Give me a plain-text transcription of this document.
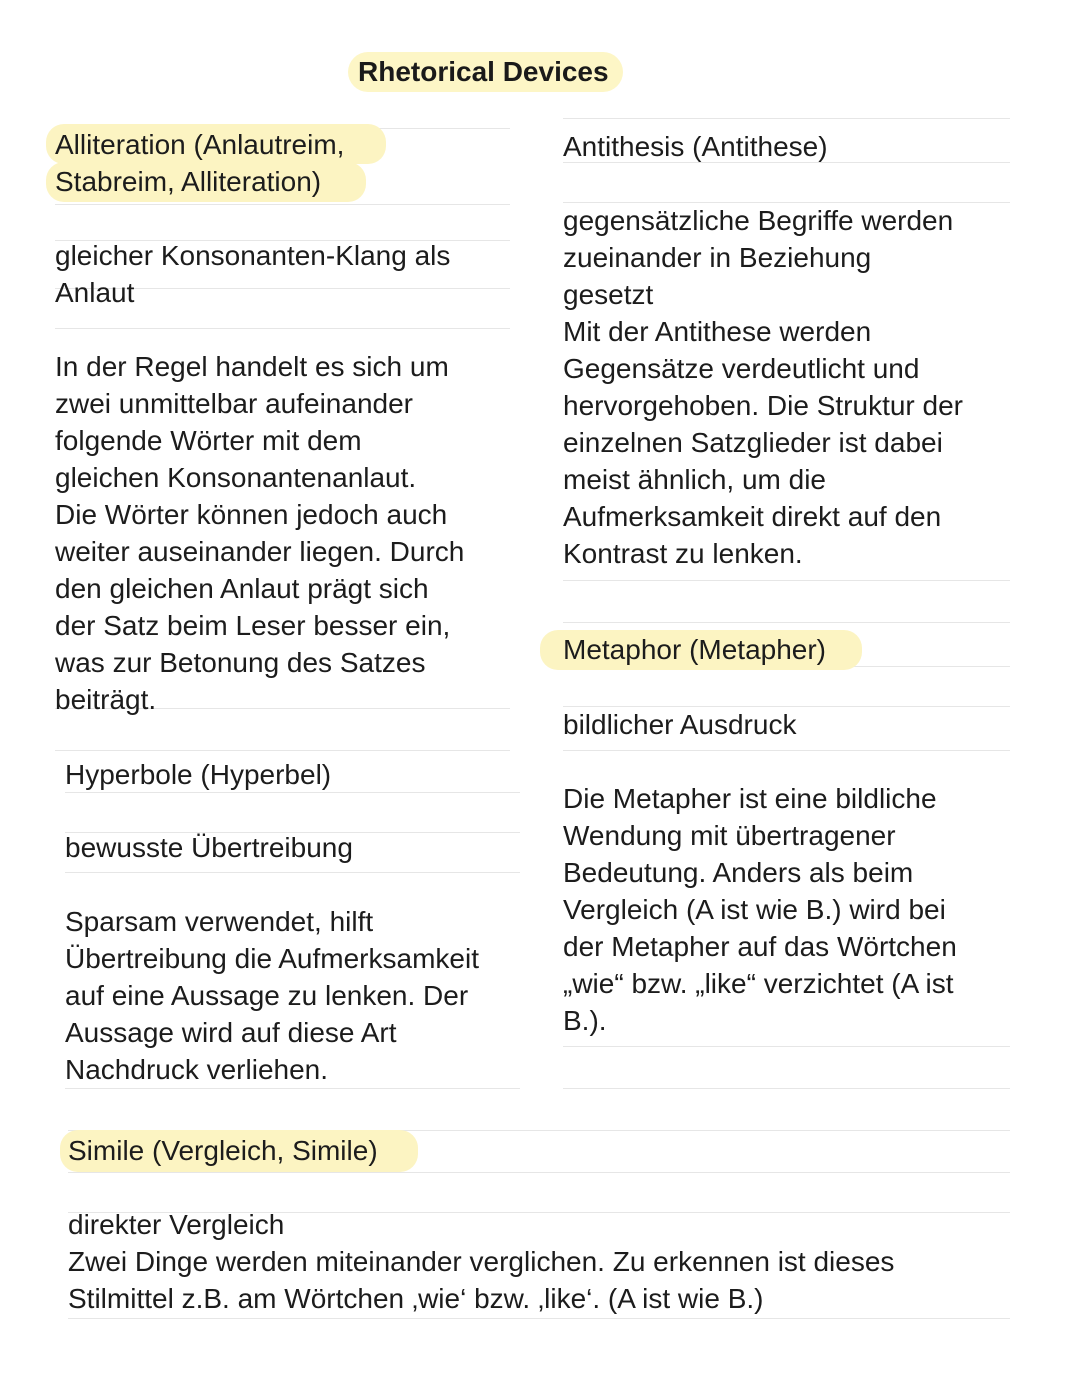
Rhetorical Devices
Alliteration (Anlautreim,
Stabreim, Alliteration)
gleicher Konsonanten-Klang als
Anlaut
In der Regel handelt es sich um
zwei unmittelbar aufeinander
folgende Wörter mit dem
gleichen Konsonantenanlaut.
Die Wörter können jedoch auch
weiter auseinander liegen. Durch
den gleichen Anlaut prägt sich
der Satz beim Leser besser ein,
was zur Betonung des Satzes
beiträgt.
Antithesis (Antithese)
gegensätzliche Begriffe werden
zueinander in Beziehung
gesetzt
Mit der Antithese werden
Gegensätze verdeutlicht und
hervorgehoben. Die Struktur der
einzelnen Satzglieder ist dabei
meist ähnlich, um die
Aufmerksamkeit direkt auf den
Kontrast zu lenken.
Metaphor (Metapher)
bildlicher Ausdruck
Die Metapher ist eine bildliche
Wendung mit übertragener
Bedeutung. Anders als beim
Vergleich (A ist wie B.) wird bei
der Metapher auf das Wörtchen
„wie“ bzw. „like“ verzichtet (A ist
B.).
Hyperbole (Hyperbel)
bewusste Übertreibung
Sparsam verwendet, hilft
Übertreibung die Aufmerksamkeit
auf eine Aussage zu lenken. Der
Aussage wird auf diese Art
Nachdruck verliehen.
Simile (Vergleich, Simile)
direkter Vergleich
Zwei Dinge werden miteinander verglichen. Zu erkennen ist dieses
Stilmittel z.B. am Wörtchen ‚wie‘ bzw. ‚like‘. (A ist wie B.)
